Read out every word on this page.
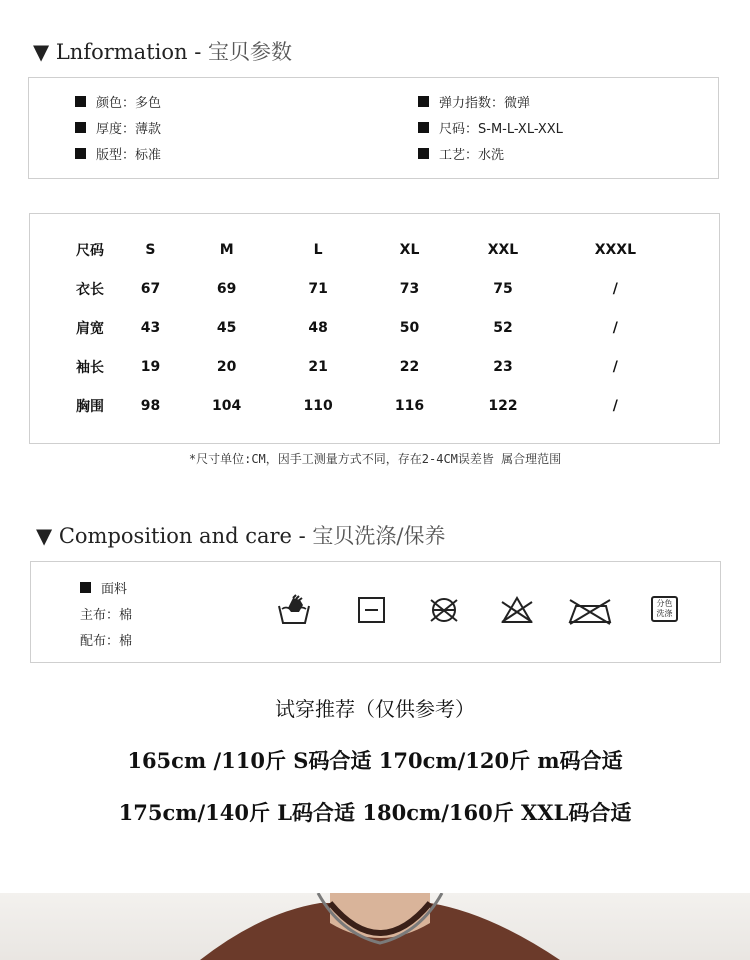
▼ Lnformation - 宝贝参数
颜色：多色
厚度：薄款
版型：标准
弹力指数：微弹
尺码：S-M-L-XL-XXL
工艺：水洗
尺码	S	M	L	XL	XXL	XXXL
衣长	67	69	71	73	75	/
肩宽	43	45	48	50	52	/
袖长	19	20	21	22	23	/
胸围	98	104	110	116	122	/
*尺寸单位:CM，因手工测量方式不同，存在2-4CM误差皆 属合理范围
▼ Composition and care - 宝贝洗涤/保养
面料
主布：棉
配布：棉
分色
洗涤
试穿推荐（仅供参考）
165cm /110斤 S码合适 170cm/120斤 m码合适
175cm/140斤 L码合适 180cm/160斤 XXL码合适
